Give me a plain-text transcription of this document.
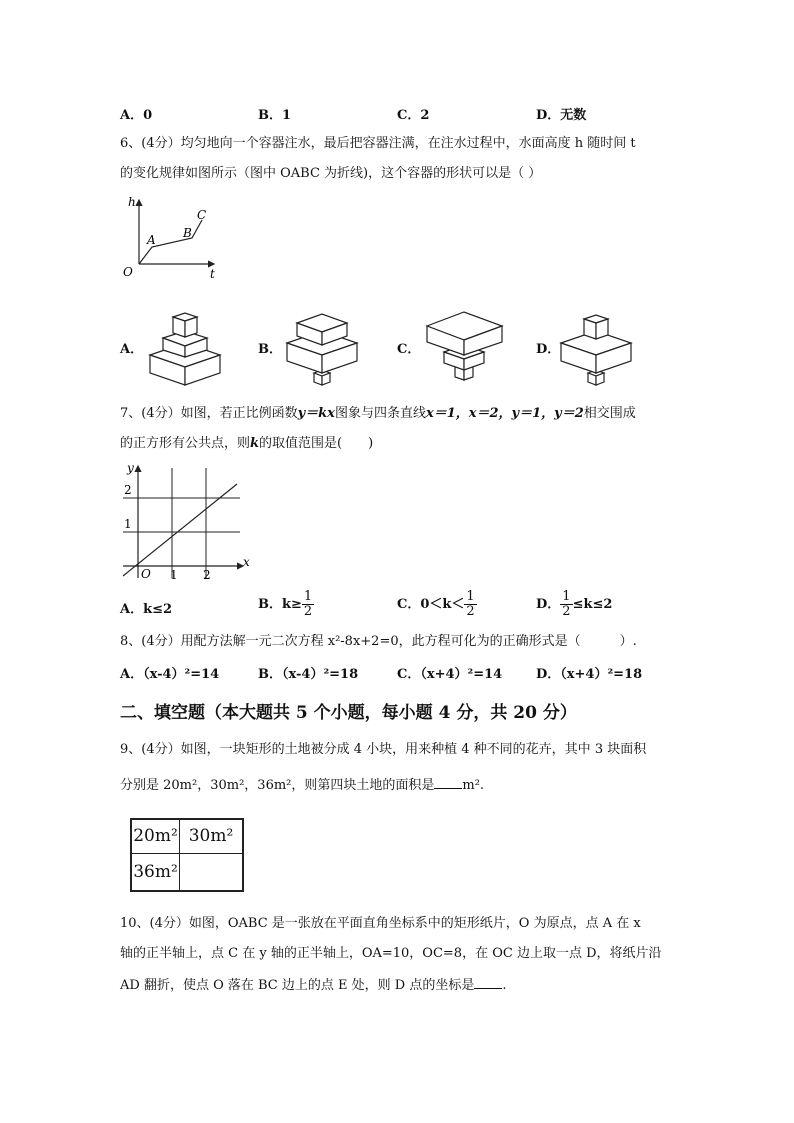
A．0	B．1	C．2	D．无数
6、(4分）均匀地向一个容器注水，最后把容器注满，在注水过程中，水面高度 h 随时间 t
的变化规律如图所示（图中 OABC 为折线)，这个容器的形状可以是（ ）
h
t
O
A B
C
A．	B．	C．	D．
7、(4分）如图，若正比例函数y＝kx图象与四条直线x＝1，x＝2，y＝1，y＝2相交围成
的正方形有公共点，则k的取值范围是(　　)
y
x
O
2
1
1 2
A．k≤2	B．$k\ge \frac{1}{2}$	C．$0<k< \frac{1}{2}$	D． $\frac{1}{2} \le k\le 2$
8、(4分）用配方法解一元二次方程 x²-8x+2=0，此方程可化为的正确形式是（　　　）.
A．（x-4）²=14	B．（x-4）²=18	C．（x+4）²=14	D．（x+4）²=18
二、填空题（本大题共 5 个小题，每小题 4 分，共 20 分）
9、(4分）如图，一块矩形的土地被分成 4 小块，用来种植 4 种不同的花卉，其中 3 块面积
分别是 20m²，30m²，36m²，则第四块土地的面积是 m².
20m² 30m²
36m²
10、(4分）如图，OABC 是一张放在平面直角坐标系中的矩形纸片，O 为原点，点 A 在 x
轴的正半轴上，点 C 在 y 轴的正半轴上，OA=10，OC=8，在 OC 边上取一点 D，将纸片沿
AD 翻折，使点 O 落在 BC 边上的点 E 处，则 D 点的坐标是 .
